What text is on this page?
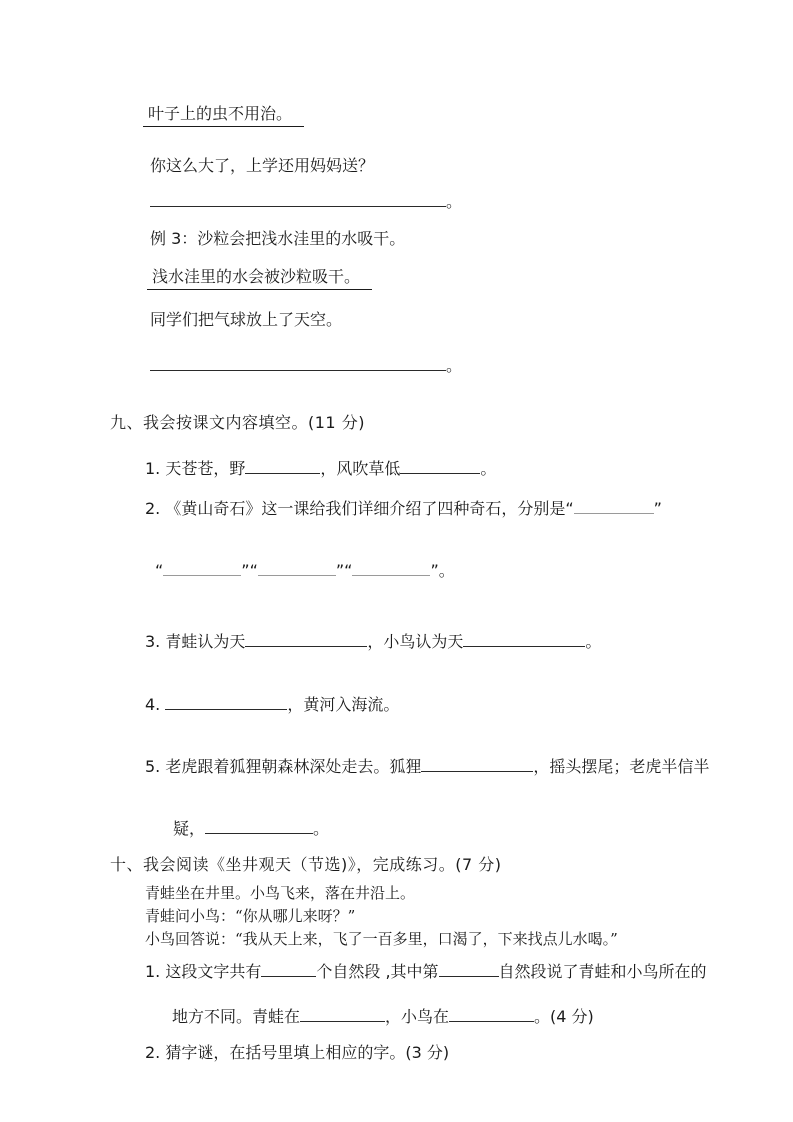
叶子上的虫不用治。
你这么大了，上学还用妈妈送？
。
例 3：沙粒会把浅水洼里的水吸干。
浅水洼里的水会被沙粒吸干。
同学们把气球放上了天空。
。
九、我会按课文内容填空。(11 分)
1. 天苍苍，野	，风吹草低	。
2. 《黄山奇石》这一课给我们详细介绍了四种奇石，分别是“	”
“	”“	”“	”。
3. 青蛙认为天	，小鸟认为天	。
4.	，黄河入海流。
5. 老虎跟着狐狸朝森林深处走去。狐狸	，摇头摆尾；老虎半信半
疑，	。
十、我会阅读《坐井观天（节选)》，完成练习。(7 分)
青蛙坐在井里。小鸟飞来，落在井沿上。
青蛙问小鸟：“你从哪儿来呀？”
小鸟回答说：“我从天上来，飞了一百多里，口渴了，下来找点儿水喝。”
1. 这段文字共有	个自然段 ,其中第	自然段说了青蛙和小鸟所在的
地方不同。青蛙在	，小鸟在	。(4 分)
2. 猜字谜，在括号里填上相应的字。(3 分)
